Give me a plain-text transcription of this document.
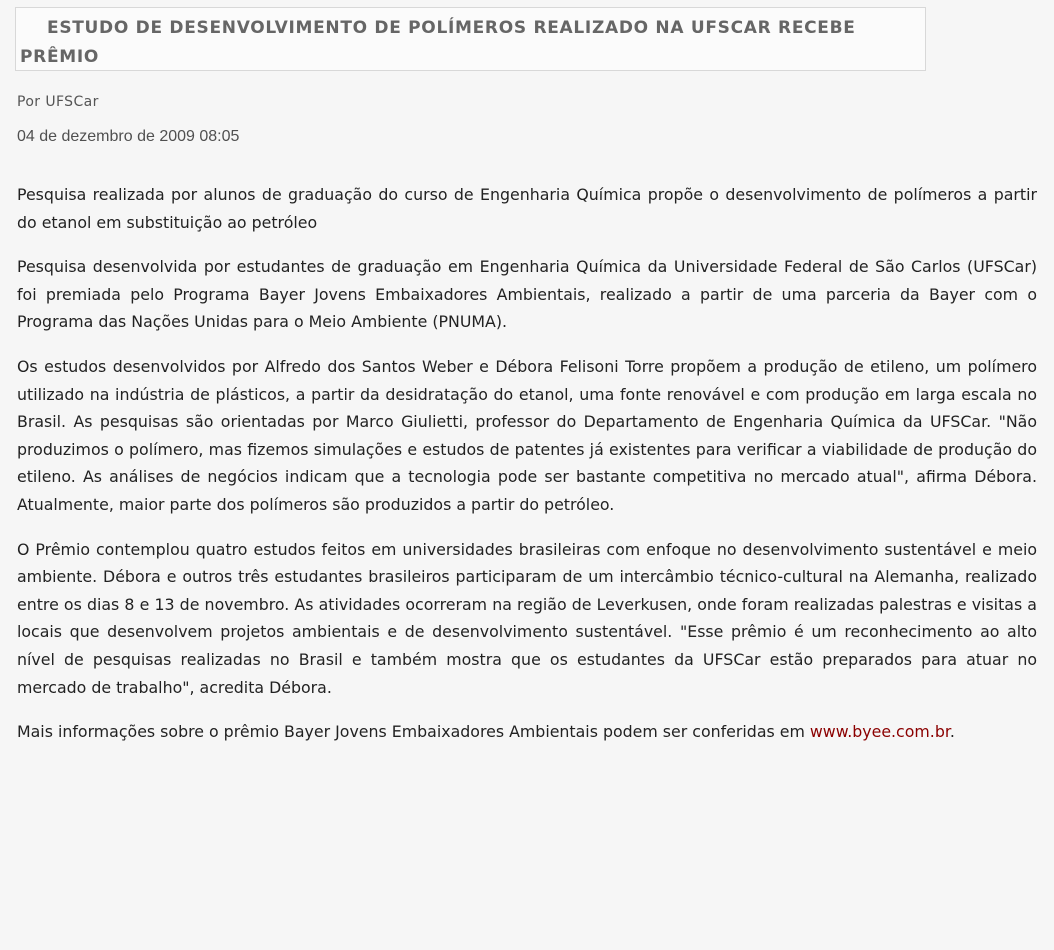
ESTUDO DE DESENVOLVIMENTO DE POLÍMEROS REALIZADO NA UFSCAR RECEBE PRÊMIO

Por UFSCar

04 de dezembro de 2009 08:05

Pesquisa realizada por alunos de graduação do curso de Engenharia Química propõe o desenvolvimento de polímeros a partir do etanol em substituição ao petróleo

Pesquisa desenvolvida por estudantes de graduação em Engenharia Química da Universidade Federal de São Carlos (UFSCar) foi premiada pelo Programa Bayer Jovens Embaixadores Ambientais, realizado a partir de uma parceria da Bayer com o Programa das Nações Unidas para o Meio Ambiente (PNUMA).

Os estudos desenvolvidos por Alfredo dos Santos Weber e Débora Felisoni Torre propõem a produção de etileno, um polímero utilizado na indústria de plásticos, a partir da desidratação do etanol, uma fonte renovável e com produção em larga escala no Brasil. As pesquisas são orientadas por Marco Giulietti, professor do Departamento de Engenharia Química da UFSCar. "Não produzimos o polímero, mas fizemos simulações e estudos de patentes já existentes para verificar a viabilidade de produção do etileno. As análises de negócios indicam que a tecnologia pode ser bastante competitiva no mercado atual", afirma Débora. Atualmente, maior parte dos polímeros são produzidos a partir do petróleo.

O Prêmio contemplou quatro estudos feitos em universidades brasileiras com enfoque no desenvolvimento sustentável e meio ambiente. Débora e outros três estudantes brasileiros participaram de um intercâmbio técnico-cultural na Alemanha, realizado entre os dias 8 e 13 de novembro. As atividades ocorreram na região de Leverkusen, onde foram realizadas palestras e visitas a locais que desenvolvem projetos ambientais e de desenvolvimento sustentável. "Esse prêmio é um reconhecimento ao alto nível de pesquisas realizadas no Brasil e também mostra que os estudantes da UFSCar estão preparados para atuar no mercado de trabalho", acredita Débora.

Mais informações sobre o prêmio Bayer Jovens Embaixadores Ambientais podem ser conferidas em www.byee.com.br.
